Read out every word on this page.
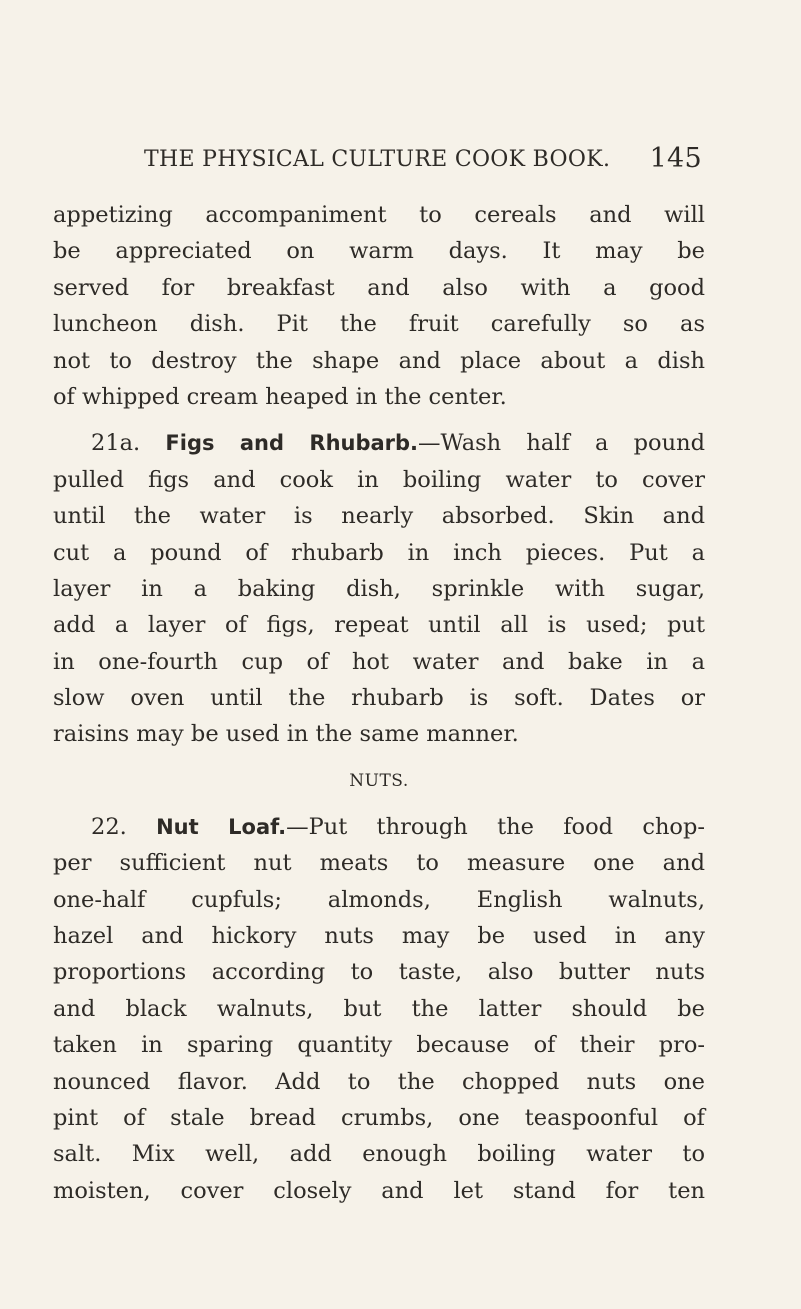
THE PHYSICAL CULTURE COOK BOOK. 145
appetizing accompaniment to cereals and will
be appreciated on warm days. It may be
served for breakfast and also with a good
luncheon dish. Pit the fruit carefully so as
not to destroy the shape and place about a dish
of whipped cream heaped in the center.
21a. Figs and Rhubarb.—Wash half a pound
pulled figs and cook in boiling water to cover
until the water is nearly absorbed. Skin and
cut a pound of rhubarb in inch pieces. Put a
layer in a baking dish, sprinkle with sugar,
add a layer of figs, repeat until all is used; put
in one-fourth cup of hot water and bake in a
slow oven until the rhubarb is soft. Dates or
raisins may be used in the same manner.
NUTS.
22. Nut Loaf.—Put through the food chop-
per sufficient nut meats to measure one and
one-half cupfuls; almonds, English walnuts,
hazel and hickory nuts may be used in any
proportions according to taste, also butter nuts
and black walnuts, but the latter should be
taken in sparing quantity because of their pro-
nounced flavor. Add to the chopped nuts one
pint of stale bread crumbs, one teaspoonful of
salt. Mix well, add enough boiling water to
moisten, cover closely and let stand for ten
